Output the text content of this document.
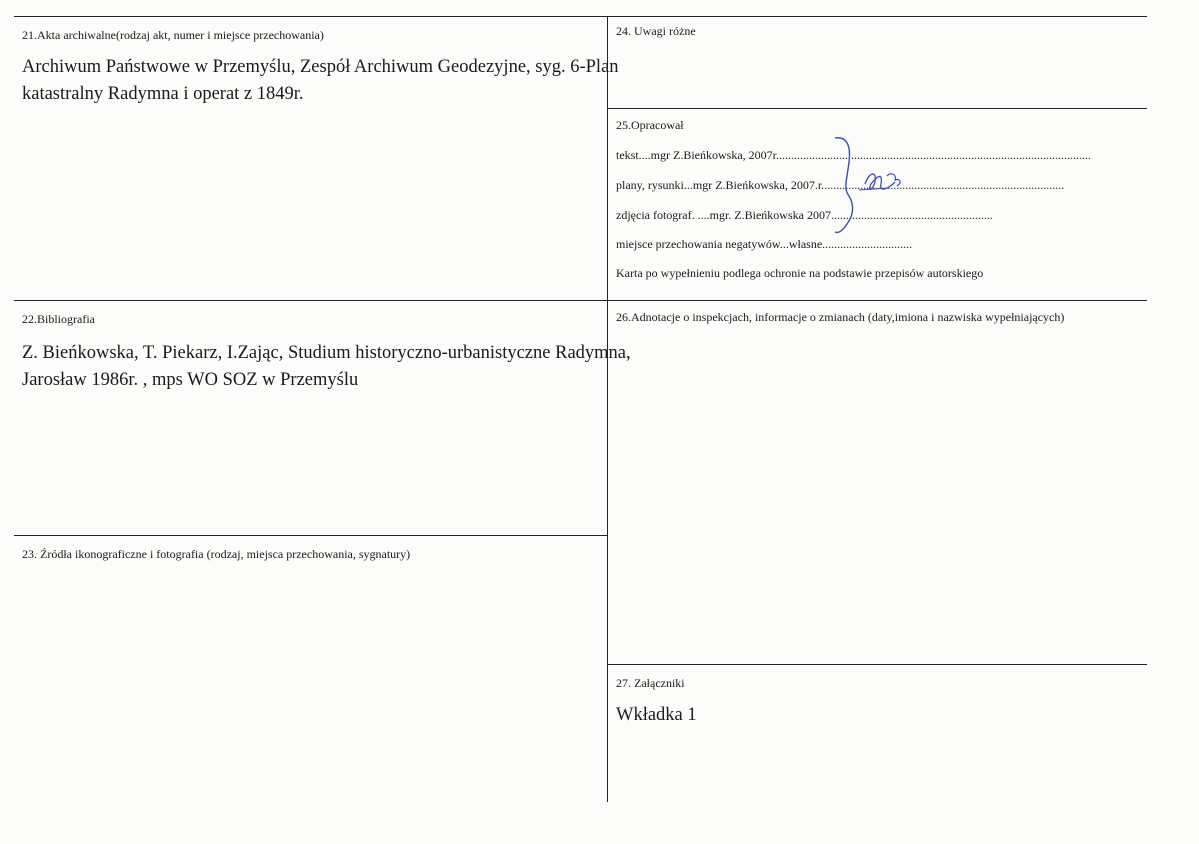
21.Akta archiwalne(rodzaj akt, numer i miejsce przechowania)
Archiwum Państwowe w Przemyślu, Zespół Archiwum Geodezyjne, syg. 6-Plan
katastralny Radymna i operat z 1849r.
22.Bibliografia
Z. Bieńkowska, T. Piekarz, I.Zając, Studium historyczno-urbanistyczne Radymna,
Jarosław 1986r. , mps WO SOZ w Przemyślu
23. Źródła ikonograficzne i fotografia (rodzaj, miejsca przechowania, sygnatury)
24. Uwagi różne
25.Opracował
tekst....mgr Z.Bieńkowska, 2007r.........................................................................................................
plany, rysunki...mgr Z.Bieńkowska, 2007.r.................................................................................
zdjęcia fotograf. ....mgr. Z.Bieńkowska 2007......................................................
miejsce przechowania negatywów...własne..............................
Karta po wypełnieniu podlega ochronie na podstawie przepisów autorskiego
26.Adnotacje o inspekcjach, informacje o zmianach (daty,imiona i nazwiska wypełniających)
27. Załączniki
Wkładka 1
